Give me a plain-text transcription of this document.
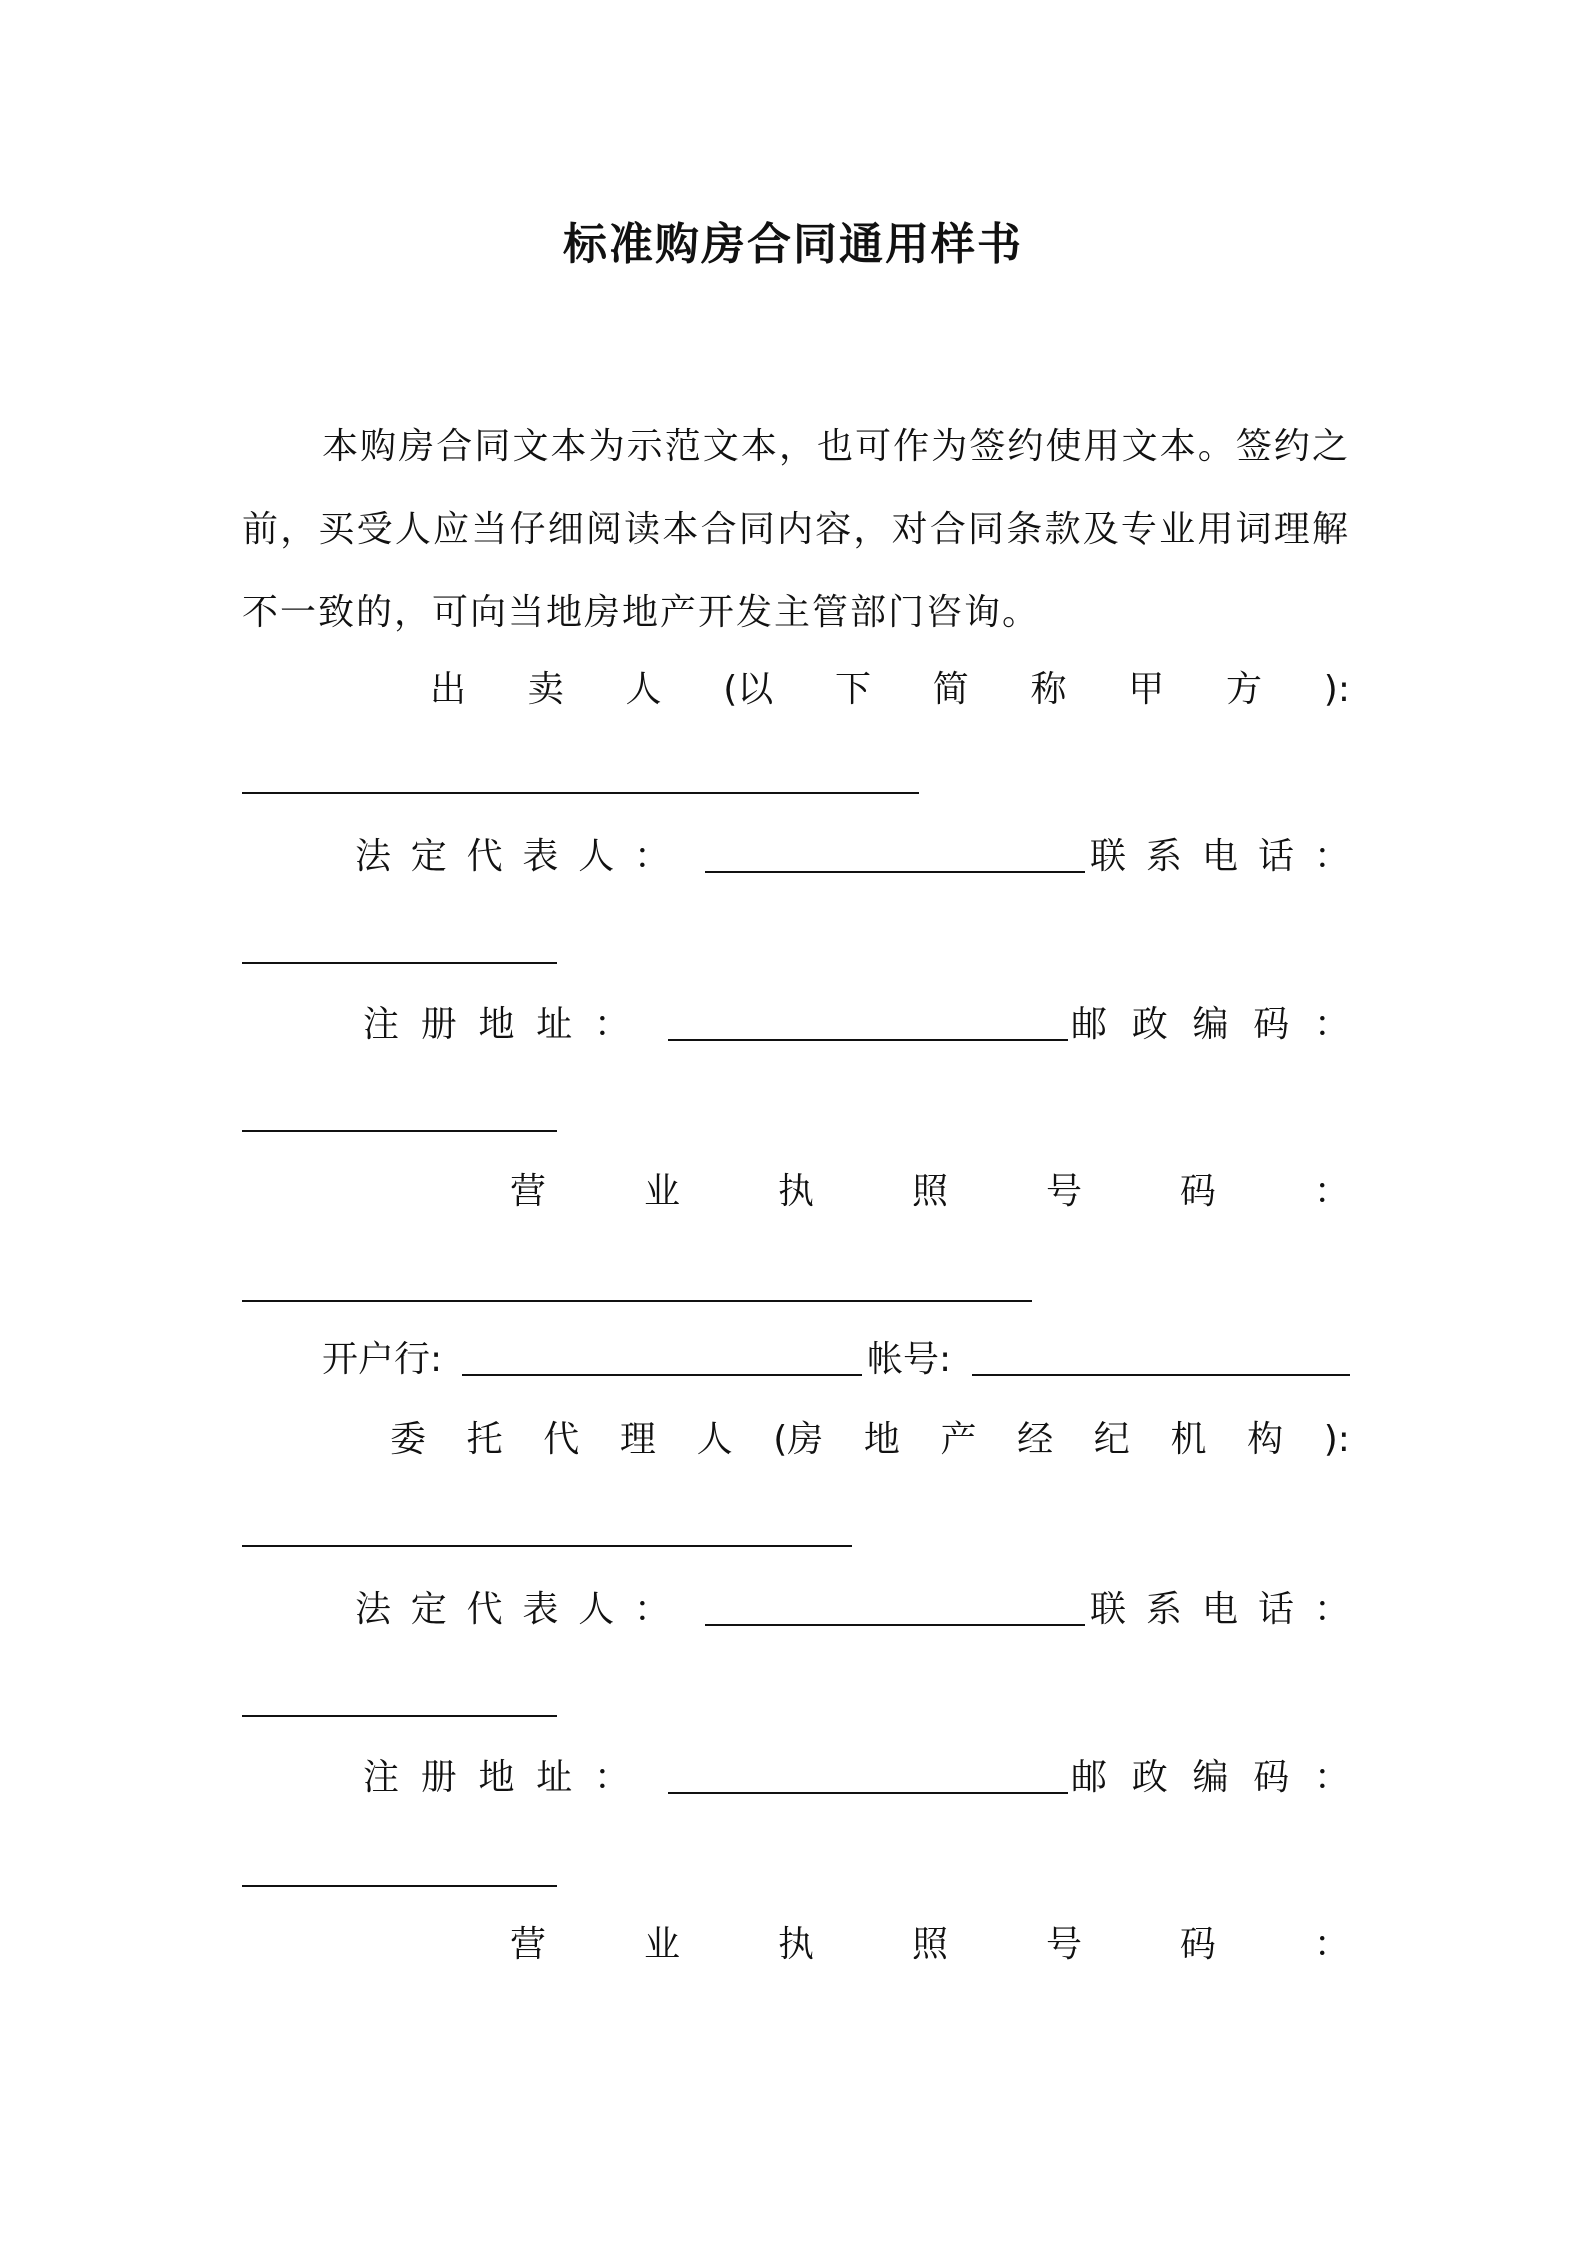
标准购房合同通用样书
本购房合同文本为示范文本，也可作为签约使用文本。签约之前，买受人应当仔细阅读本合同内容，对合同条款及专业用词理解不一致的，可向当地房地产开发主管部门咨询。
出 卖 人 (以 下 简 称 甲 方 ):
法 定 代 表 人 ：	联 系 电 话 ：
注 册 地 址 ：	邮 政 编 码 ：
营	业	执	照	号	码	：
开户行:	帐号:
委 托 代 理 人 (房 地 产 经 纪 机 构 ):
法 定 代 表 人 ：	联 系 电 话 ：
注 册 地 址 ：	邮 政 编 码 ：
营	业	执	照	号	码	：
